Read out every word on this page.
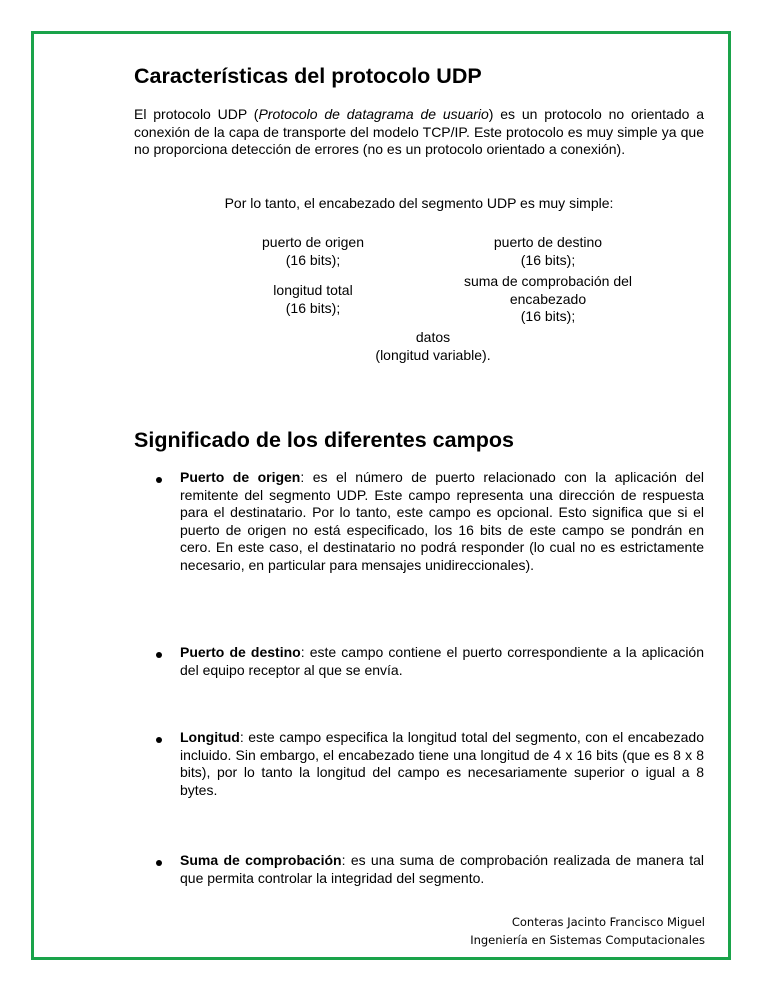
Características del protocolo UDP

El protocolo UDP (Protocolo de datagrama de usuario) es un protocolo no orientado a conexión de la capa de transporte del modelo TCP/IP. Este protocolo es muy simple ya que no proporciona detección de errores (no es un protocolo orientado a conexión).

Por lo tanto, el encabezado del segmento UDP es muy simple:

puerto de origen
(16 bits);
puerto de destino
(16 bits);
longitud total
(16 bits);
suma de comprobación del
encabezado
(16 bits);
datos
(longitud variable).
Significado de los diferentes campos

Puerto de origen: es el número de puerto relacionado con la aplicación del remitente del segmento UDP. Este campo representa una dirección de respuesta para el destinatario. Por lo tanto, este campo es opcional. Esto significa que si el puerto de origen no está especificado, los 16 bits de este campo se pondrán en cero. En este caso, el destinatario no podrá responder (lo cual no es estrictamente necesario, en particular para mensajes unidireccionales).

Puerto de destino: este campo contiene el puerto correspondiente a la aplicación del equipo receptor al que se envía.

Longitud: este campo especifica la longitud total del segmento, con el encabezado incluido. Sin embargo, el encabezado tiene una longitud de 4 x 16 bits (que es 8 x 8 bits), por lo tanto la longitud del campo es necesariamente superior o igual a 8 bytes.

Suma de comprobación: es una suma de comprobación realizada de manera tal que permita controlar la integridad del segmento.

Conteras Jacinto Francisco Miguel
Ingeniería en Sistemas Computacionales
